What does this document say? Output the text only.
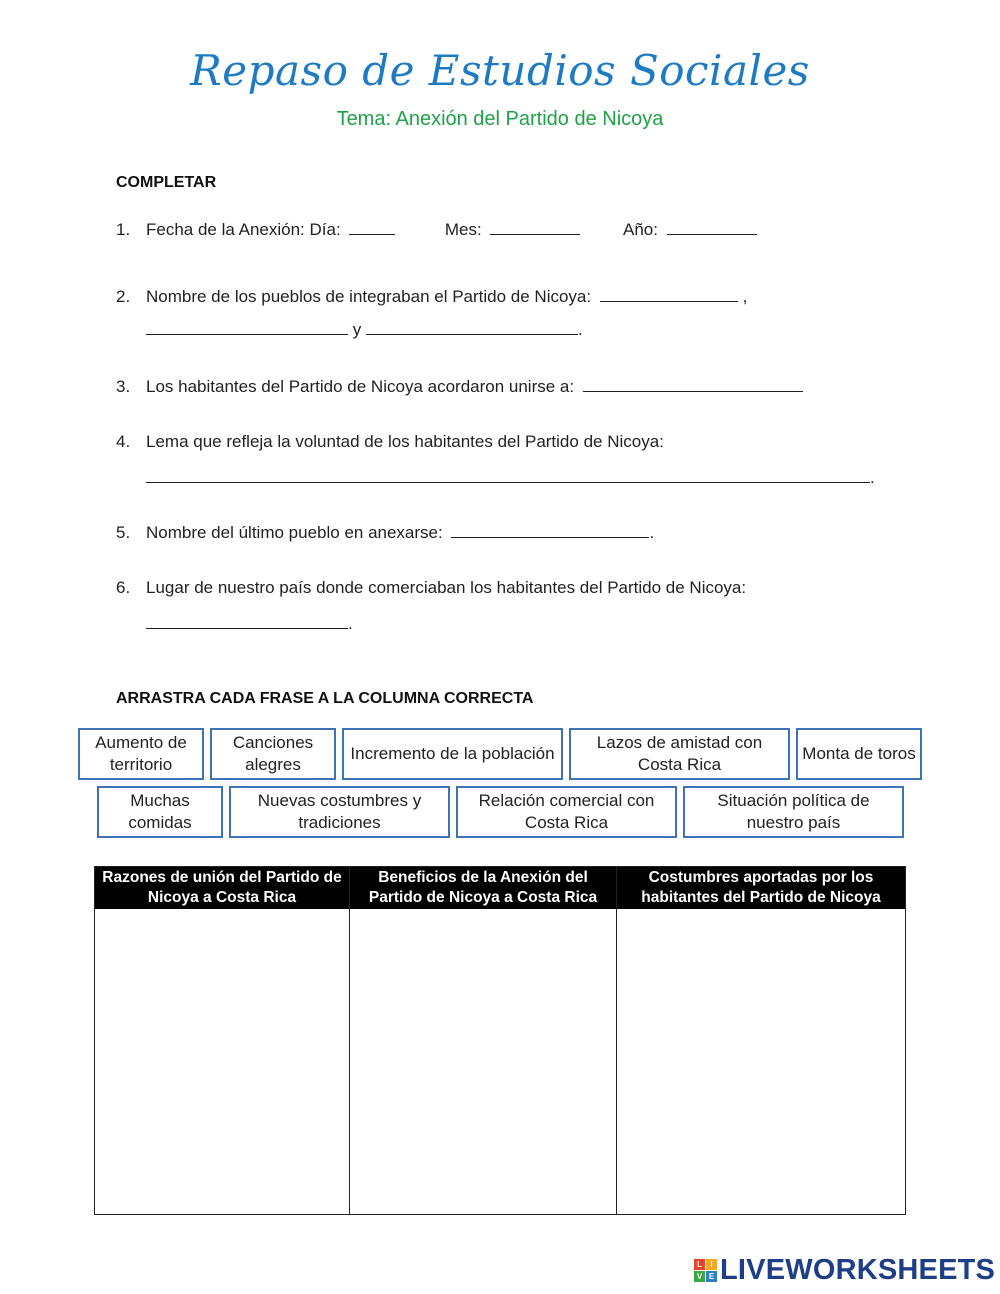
Repaso de Estudios Sociales
Tema: Anexión del Partido de Nicoya
COMPLETAR
1. Fecha de la Anexión: Día:	Mes:	Año:
2. Nombre de los pueblos de integraban el Partido de Nicoya:	,
y	.
3. Los habitantes del Partido de Nicoya acordaron unirse a:
4. Lema que refleja la voluntad de los habitantes del Partido de Nicoya:
.
5. Nombre del último pueblo en anexarse:	.
6. Lugar de nuestro país donde comerciaban los habitantes del Partido de Nicoya:
.
ARRASTRA CADA FRASE A LA COLUMNA CORRECTA
Aumento de territorio
Canciones alegres
Incremento de la población
Lazos de amistad con Costa Rica
Monta de toros
Muchas comidas
Nuevas costumbres y tradiciones
Relación comercial con Costa Rica
Situación política de nuestro país
Razones de unión del Partido de Nicoya a Costa Rica
Beneficios de la Anexión del Partido de Nicoya a Costa Rica
Costumbres aportadas por los habitantes del Partido de Nicoya
L	I
V E LIVEWORKSHEETS
